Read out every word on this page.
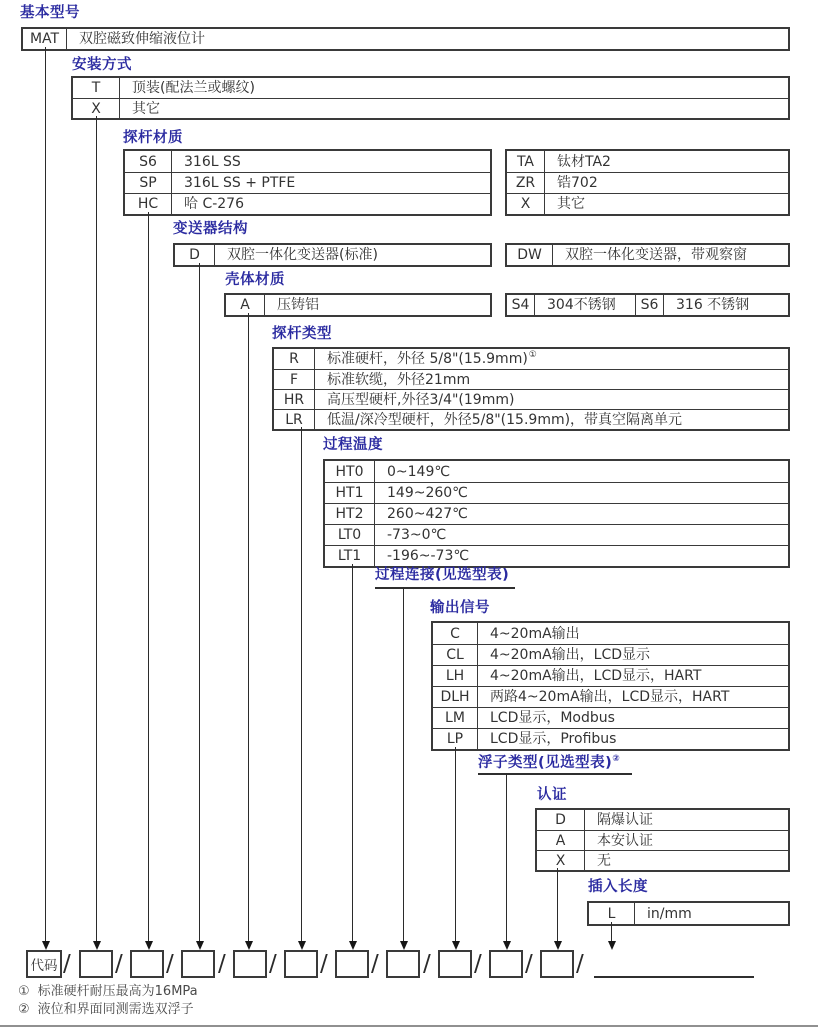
基本型号
MAT 双腔磁致伸缩液位计
安装方式
T 顶装(配法兰或螺纹)
X 其它
探杆材质
S6 316L SS
SP 316L SS + PTFE
HC 哈 C-276
TA 钛材TA2
ZR 锆702
X 其它
变送器结构
D 双腔一体化变送器(标准)	DW 双腔一体化变送器，带观察窗
壳体材质
A 压铸铝	S4 304不锈钢 S6 316 不锈钢
探杆类型
R 标准硬杆，外径 5/8"(15.9mm)①
F 标准软缆，外径21mm
HR 高压型硬杆,外径3/4"(19mm)
LR 低温/深冷型硬杆，外径5/8"(15.9mm)，带真空隔离单元
过程温度
HT0 0~149℃
HT1 149~260℃
HT2 260~427℃
LT0 -73~0℃
LT1 -196~-73℃
过程连接(见选型表)
输出信号
C 4~20mA输出
CL 4~20mA输出，LCD显示
LH 4~20mA输出，LCD显示，HART
DLH 两路4~20mA输出，LCD显示，HART
LM LCD显示，Modbus
LP LCD显示，Profibus
浮子类型(见选型表)②
认证
D 隔爆认证
A 本安认证
X 无
插入长度
L in/mm
代码 / / / / / / / / / / /
① 标准硬杆耐压最高为16MPa
② 液位和界面同测需选双浮子
